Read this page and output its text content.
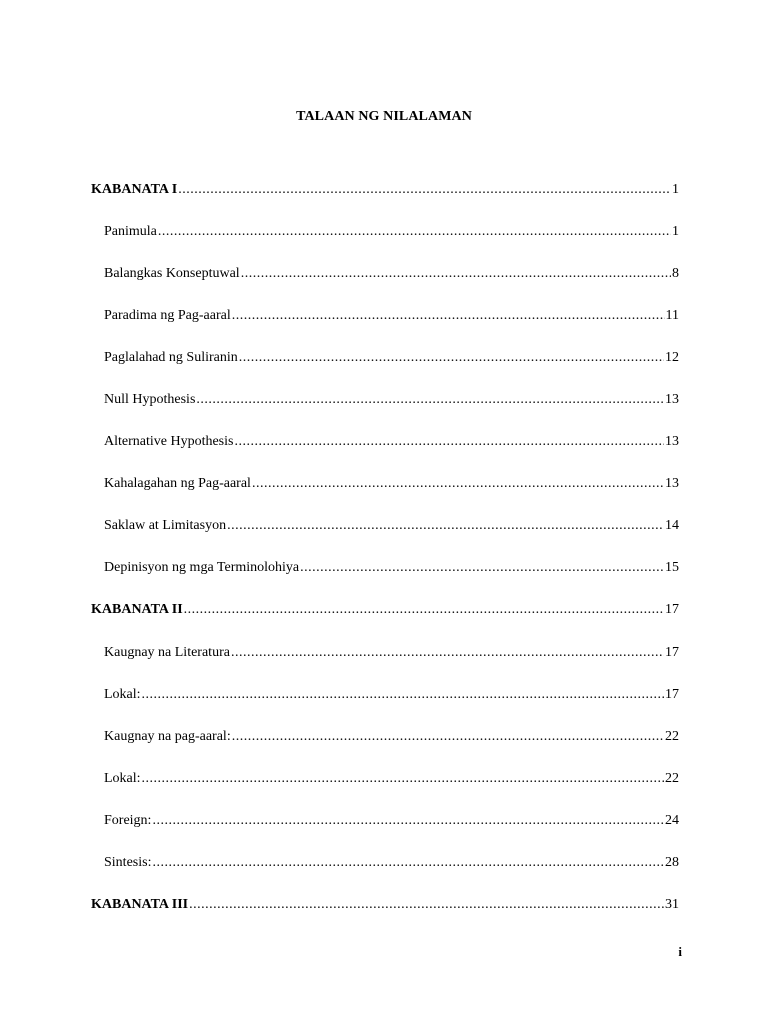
TALAAN NG NILALAMAN
KABANATA I .....	1
Panimula .....	1
Balangkas Konseptuwal .....	8
Paradima ng Pag-aaral .....	11
Paglalahad ng Suliranin .....	12
Null Hypothesis .....	13
Alternative Hypothesis .....	13
Kahalagahan ng Pag-aaral .....	13
Saklaw at Limitasyon .....	14
Depinisyon ng mga Terminolohiya .....	15
KABANATA II .....	17
Kaugnay na Literatura .....	17
Lokal: .....	17
Kaugnay na pag-aaral: .....	22
Lokal: .....	22
Foreign: .....	24
Sintesis: .....	28
KABANATA III .....	31
i
